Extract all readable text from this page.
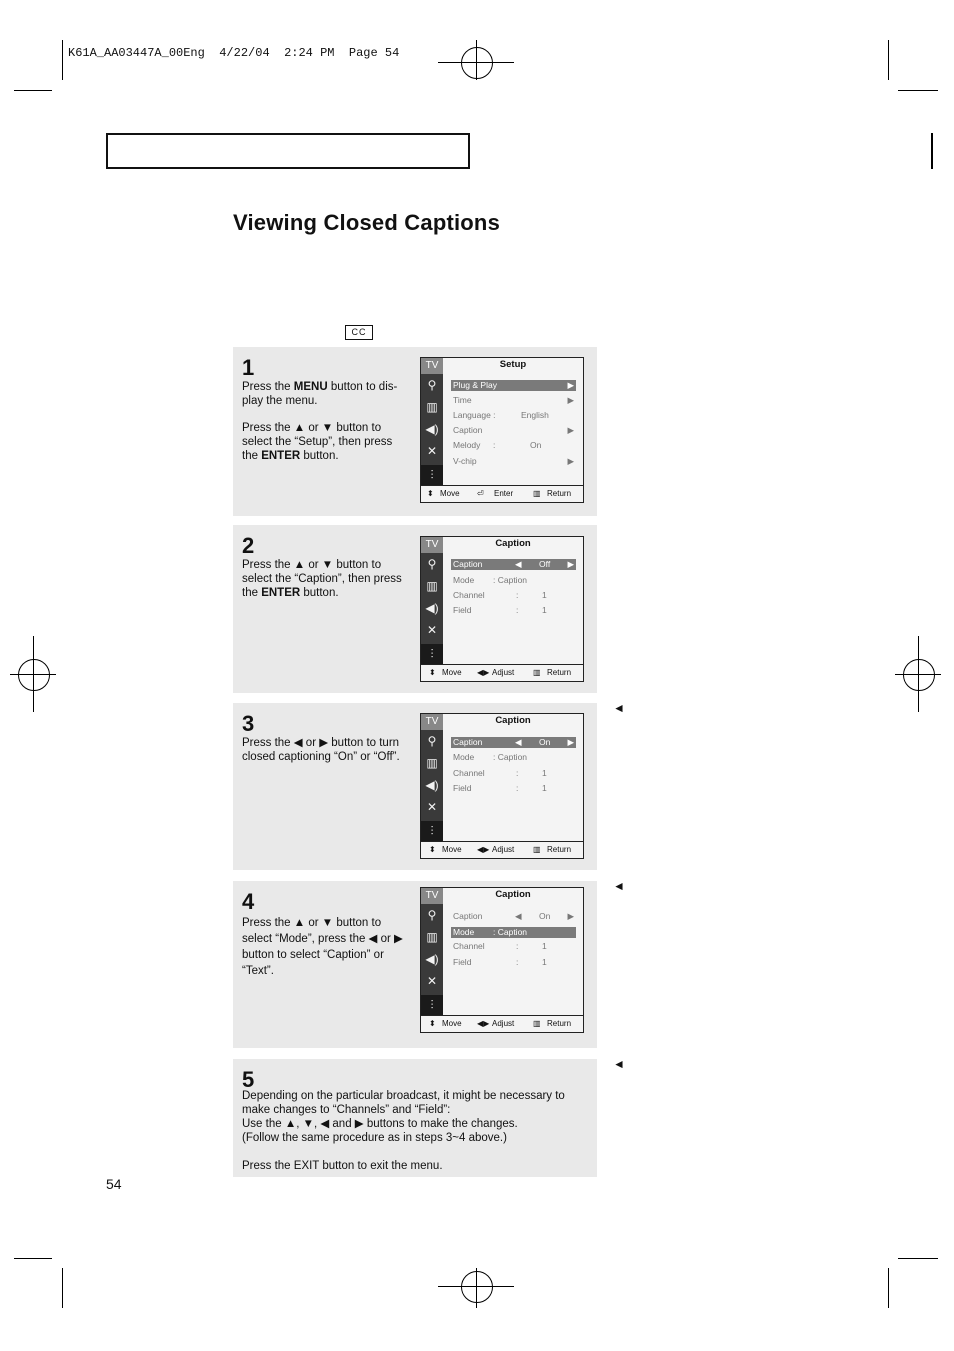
K61A_AA03447A_00Eng 4/22/04 2:24 PM Page 54
Viewing Closed Captions
CC
1

Press the MENU button to dis- play the menu.

Press the ▲ or ▼ button to select the “Setup”, then press the ENTER button.

TV
⚲
▥
◀)
✕
⫶
Setup
Plug & Play	▶
Time	▶
Language :	English
Caption	▶
Melody :	On
V-chip	▶
⬍ Move ⏎ Enter ▥ Return
2

Press the ▲ or ▼ button to select the “Caption”, then press the ENTER button.

TV
⚲
▥
◀)
✕
⫶
Caption
Caption	◀ Off ▶
Mode : Caption
Channel	:	1
Field	:	1
⬍ Move ◀▶ Adjust ▥ Return
3

Press the ◀ or ▶ button to turn closed captioning “On” or “Off”.

TV
⚲
▥
◀)
✕
⫶
Caption
Caption	◀ On ▶
Mode : Caption
Channel	:	1
Field	:	1
⬍ Move ◀▶ Adjust ▥ Return
◄
4

Press the ▲ or ▼ button to select “Mode”, press the ◀ or ▶ button to select “Caption” or “Text”.

TV
⚲
▥
◀)
✕
⫶
Caption
Caption	◀ On ▶
Mode : Caption
Channel	:	1
Field	:	1
⬍ Move ◀▶ Adjust ▥ Return
◄
5
Depending on the particular broadcast, it might be necessary to make changes to “Channels” and “Field”:
Use the ▲, ▼, ◀ and ▶ buttons to make the changes.
(Follow the same procedure as in steps 3~4 above.)
Press the EXIT button to exit the menu.
◄
54
